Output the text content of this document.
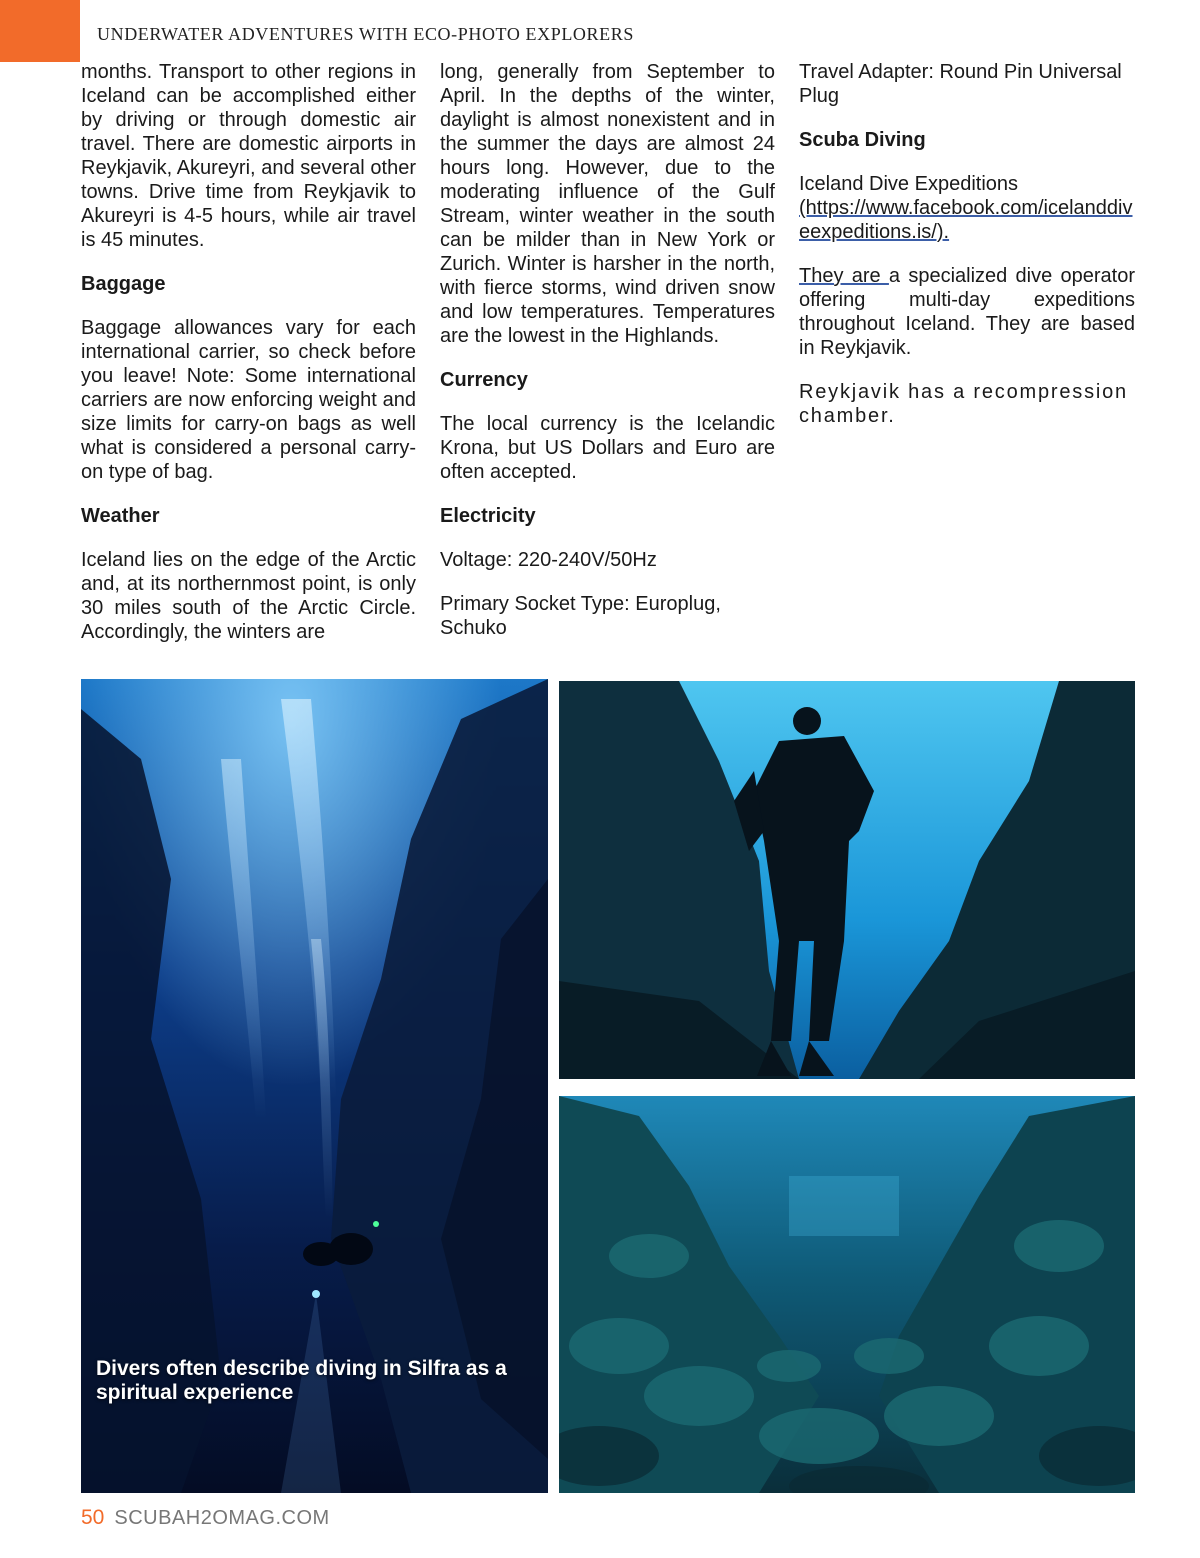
UNDERWATER ADVENTURES WITH ECO-PHOTO EXPLORERS

months. Transport to other regions in Iceland can be accomplished either by driving or through domestic air travel. There are domestic airports in Reykjavik, Akureyri, and several other towns. Drive time from Reykjavik to Akureyri is 4-5 hours, while air travel is 45 minutes.

Baggage

Baggage allowances vary for each international carrier, so check before you leave! Note: Some international carriers are now enforcing weight and size limits for carry-on bags as well what is considered a personal carry-on type of bag.

Weather

Iceland lies on the edge of the Arctic and, at its northernmost point, is only 30 miles south of the Arctic Circle. Accordingly, the winters are

long, generally from September to April. In the depths of the winter, daylight is almost nonexistent and in the summer the days are almost 24 hours long. However, due to the moderating influence of the Gulf Stream, winter weather in the south can be milder than in New York or Zurich. Winter is harsher in the north, with fierce storms, wind driven snow and low temperatures. Temperatures are the lowest in the Highlands.

Currency

The local currency is the Icelandic Krona, but US Dollars and Euro are often accepted.

Electricity

Voltage: 220-240V/50Hz

Primary Socket Type: Europlug, Schuko

Travel Adapter: Round Pin Universal Plug

Scuba Diving

Iceland Dive Expeditions
(https://www.facebook.com/icelanddiveexpeditions.is/).

They are a specialized dive operator offering multi-day expeditions throughout Iceland. They are based in Reykjavik.

Reykjavik has a recompression chamber.

Divers often describe diving in Silfra as a spiritual experience
50 SCUBAH2OMAG.COM
